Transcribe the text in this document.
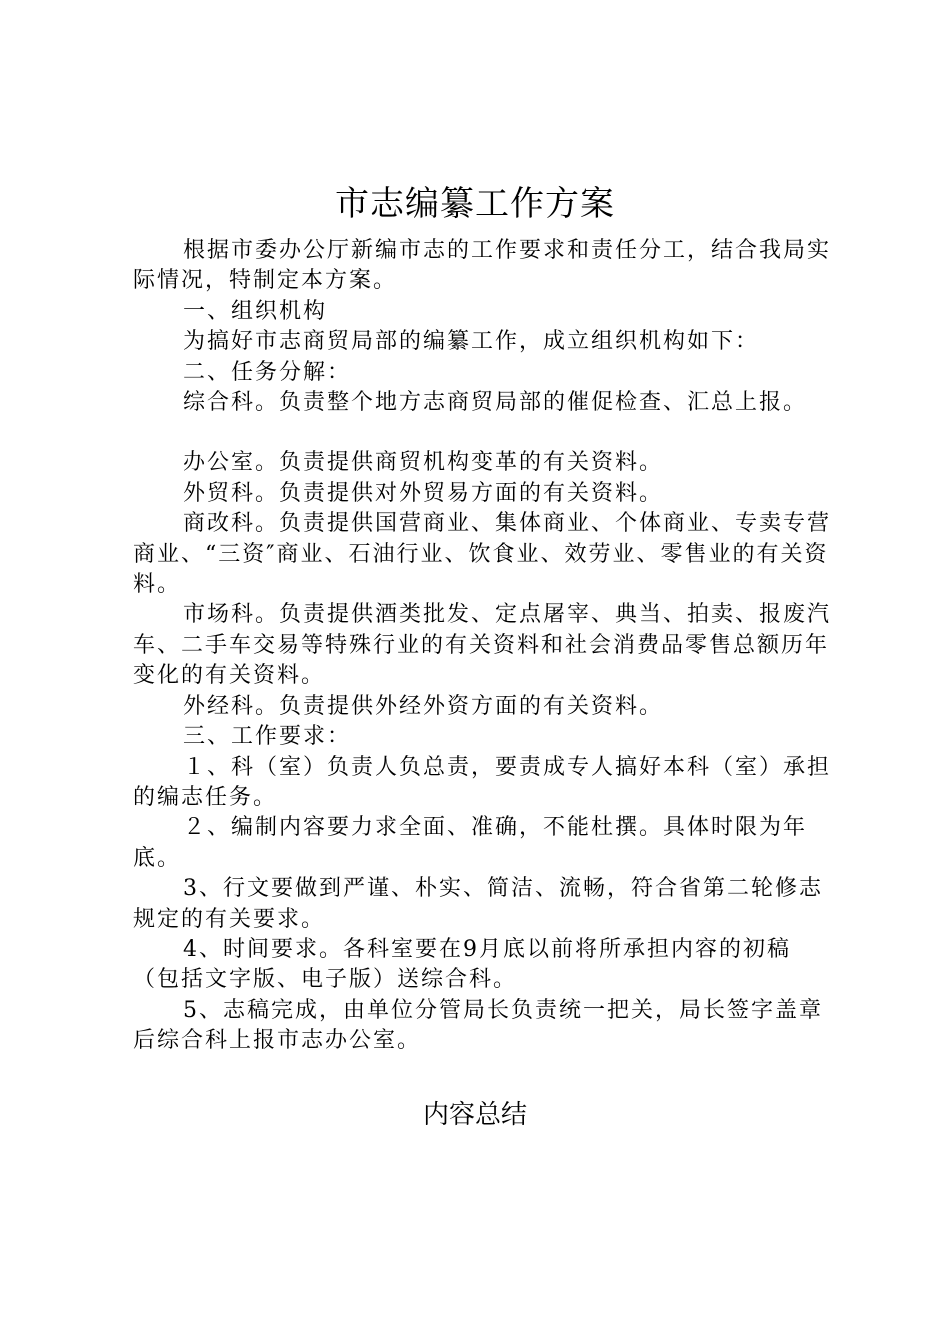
市志编纂工作方案

根据市委办公厅新编市志的工作要求和责任分工，结合我局实际情况，特制定本方案。

一、组织机构

为搞好市志商贸局部的编纂工作，成立组织机构如下：

二、任务分解：

综合科。负责整个地方志商贸局部的催促检查、汇总上报。

办公室。负责提供商贸机构变革的有关资料。

外贸科。负责提供对外贸易方面的有关资料。

商改科。负责提供国营商业、集体商业、个体商业、专卖专营商业、“三资″商业、石油行业、饮食业、效劳业、零售业的有关资料。

市场科。负责提供酒类批发、定点屠宰、典当、拍卖、报废汽车、二手车交易等特殊行业的有关资料和社会消费品零售总额历年变化的有关资料。

外经科。负责提供外经外资方面的有关资料。

三、工作要求：

１、科（室）负责人负总责，要责成专人搞好本科（室）承担的编志任务。

２、编制内容要力求全面、准确，不能杜撰。具体时限为年底。

3、行文要做到严谨、朴实、简洁、流畅，符合省第二轮修志规定的有关要求。

4、时间要求。各科室要在9月底以前将所承担内容的初稿（包括文字版、电子版）送综合科。

5、志稿完成，由单位分管局长负责统一把关，局长签字盖章后综合科上报市志办公室。

内容总结
